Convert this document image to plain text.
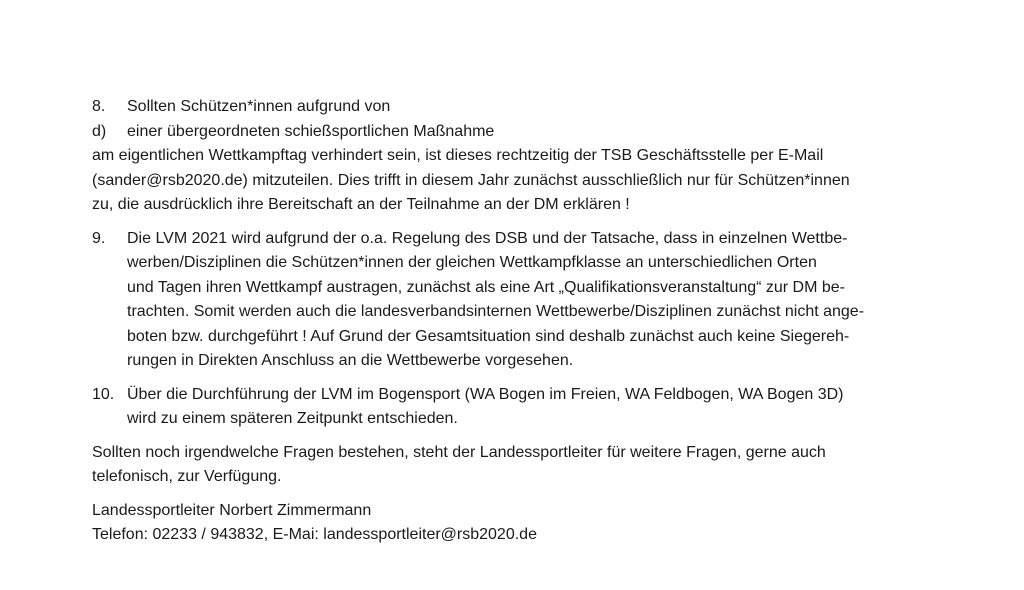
8.	Sollten Schützen*innen aufgrund von
d)	einer übergeordneten schießsportlichen Maßnahme
am eigentlichen Wettkampftag verhindert sein, ist dieses rechtzeitig der TSB Geschäftsstelle per E-Mail
(sander@rsb2020.de) mitzuteilen. Dies trifft in diesem Jahr zunächst ausschließlich nur für Schützen*innen
zu, die ausdrücklich ihre Bereitschaft an der Teilnahme an der DM erklären !
9.	Die LVM 2021 wird aufgrund der o.a. Regelung des DSB und der Tatsache, dass in einzelnen Wettbe-
werben/Disziplinen die Schützen*innen der gleichen Wettkampfklasse an unterschiedlichen Orten
und Tagen ihren Wettkampf austragen, zunächst als eine Art „Qualifikationsveranstaltung“ zur DM be-
trachten. Somit werden auch die landesverbandsinternen Wettbewerbe/Disziplinen zunächst nicht ange-
boten bzw. durchgeführt ! Auf Grund der Gesamtsituation sind deshalb zunächst auch keine Siegereh-
rungen in Direkten Anschluss an die Wettbewerbe vorgesehen.
10. Über die Durchführung der LVM im Bogensport (WA Bogen im Freien, WA Feldbogen, WA Bogen 3D)
wird zu einem späteren Zeitpunkt entschieden.
Sollten noch irgendwelche Fragen bestehen, steht der Landessportleiter für weitere Fragen, gerne auch
telefonisch, zur Verfügung.
Landessportleiter Norbert Zimmermann
Telefon: 02233 / 943832, E-Mai: landessportleiter@rsb2020.de
